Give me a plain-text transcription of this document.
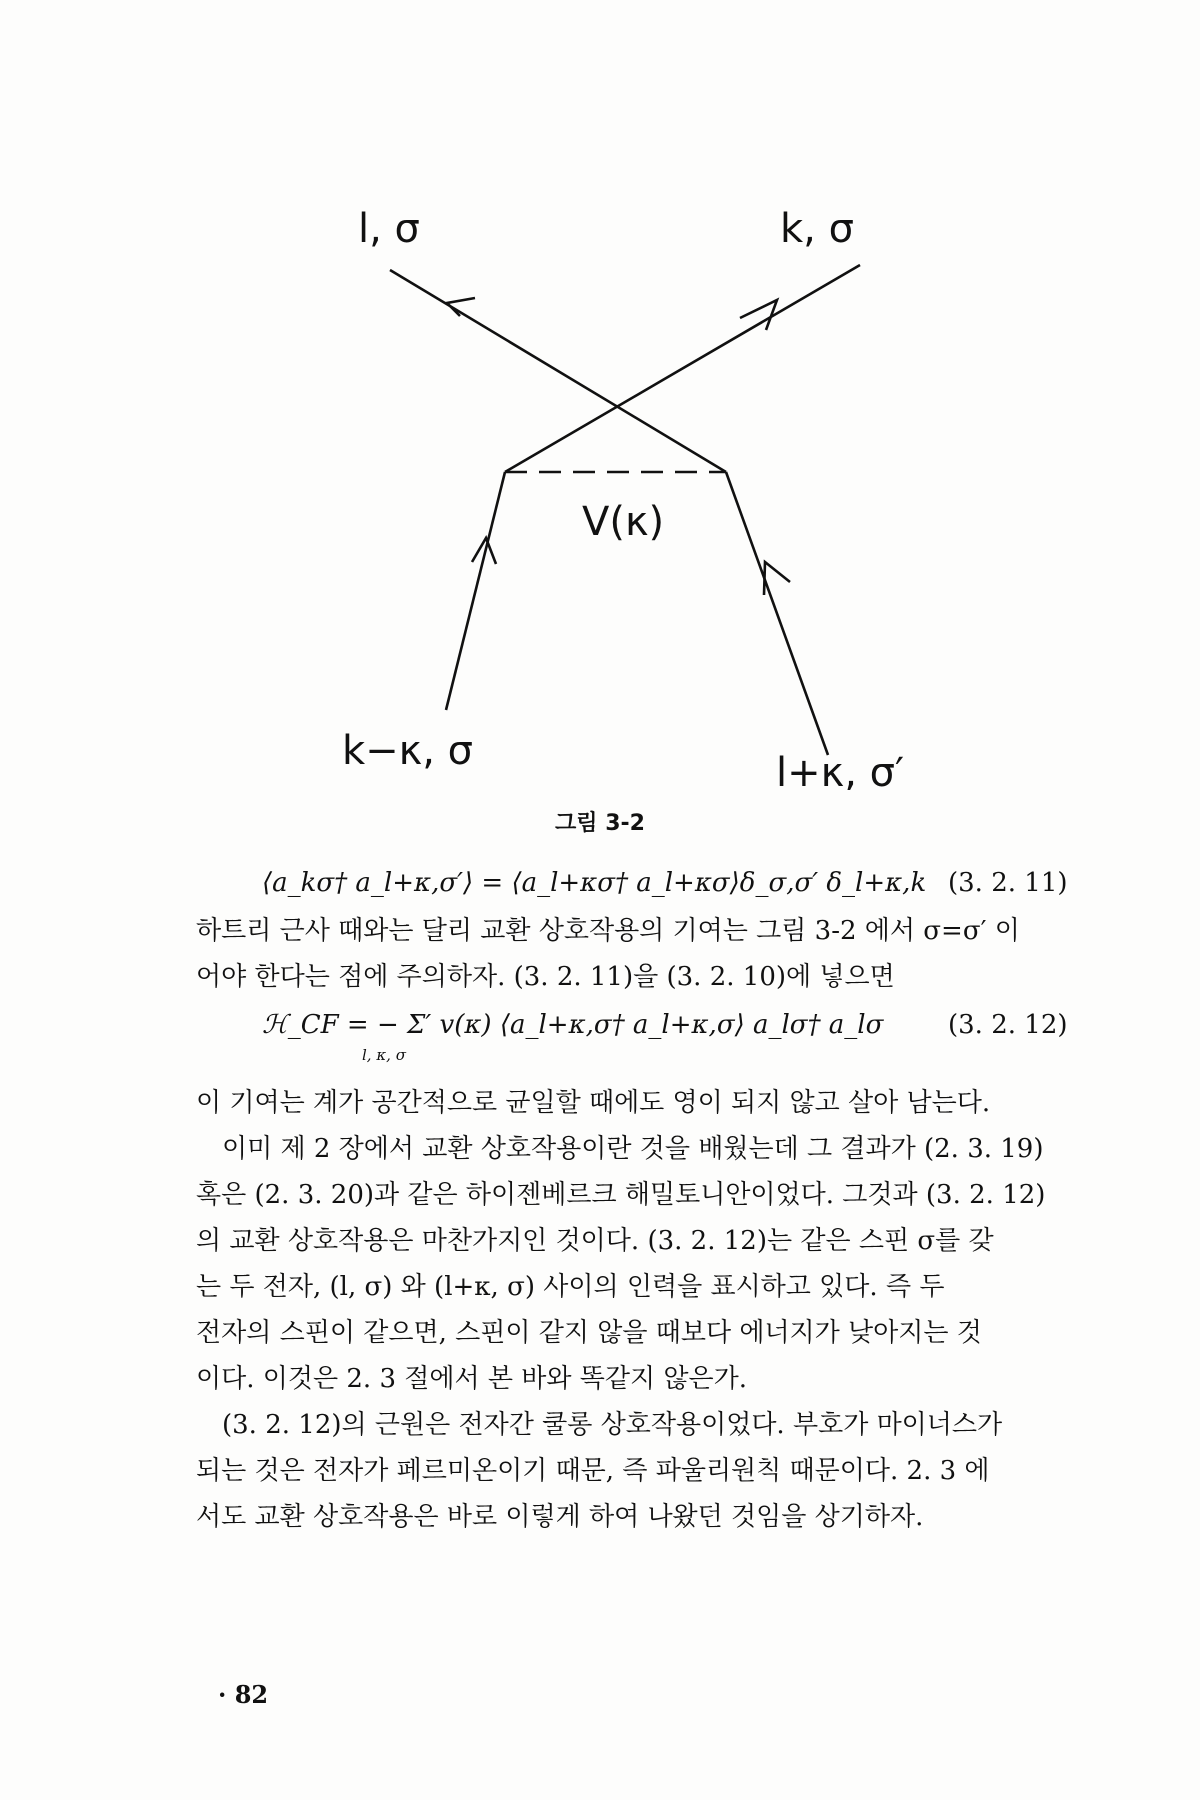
l, σ	k, σ
V(κ)
k−κ, σ	l+κ, σ′
그림 3-2
⟨a_kσ† a_l+κ,σ′⟩ = ⟨a_l+κσ† a_l+κσ⟩δ_σ,σ′ δ_l+κ,k (3. 2. 11)
하트리 근사 때와는 달리 교환 상호작용의 기여는 그림 3-2 에서 σ=σ′ 이
어야 한다는 점에 주의하자. (3. 2. 11)을 (3. 2. 10)에 넣으면
ℋ_CF = − Σ′ v(κ) ⟨a_l+κ,σ† a_l+κ,σ⟩ a_lσ† a_lσ
l, κ, σ
(3. 2. 12)
이 기여는 계가 공간적으로 균일할 때에도 영이 되지 않고 살아 남는다.
이미 제 2 장에서 교환 상호작용이란 것을 배웠는데 그 결과가 (2. 3. 19)
혹은 (2. 3. 20)과 같은 하이젠베르크 해밀토니안이었다. 그것과 (3. 2. 12)
의 교환 상호작용은 마찬가지인 것이다. (3. 2. 12)는 같은 스핀 σ를 갖
는 두 전자, (l, σ) 와 (l+κ, σ) 사이의 인력을 표시하고 있다. 즉 두
전자의 스핀이 같으면, 스핀이 같지 않을 때보다 에너지가 낮아지는 것
이다. 이것은 2. 3 절에서 본 바와 똑같지 않은가.
(3. 2. 12)의 근원은 전자간 쿨롱 상호작용이었다. 부호가 마이너스가
되는 것은 전자가 페르미온이기 때문, 즉 파울리원칙 때문이다. 2. 3 에
서도 교환 상호작용은 바로 이렇게 하여 나왔던 것임을 상기하자.
· 82
